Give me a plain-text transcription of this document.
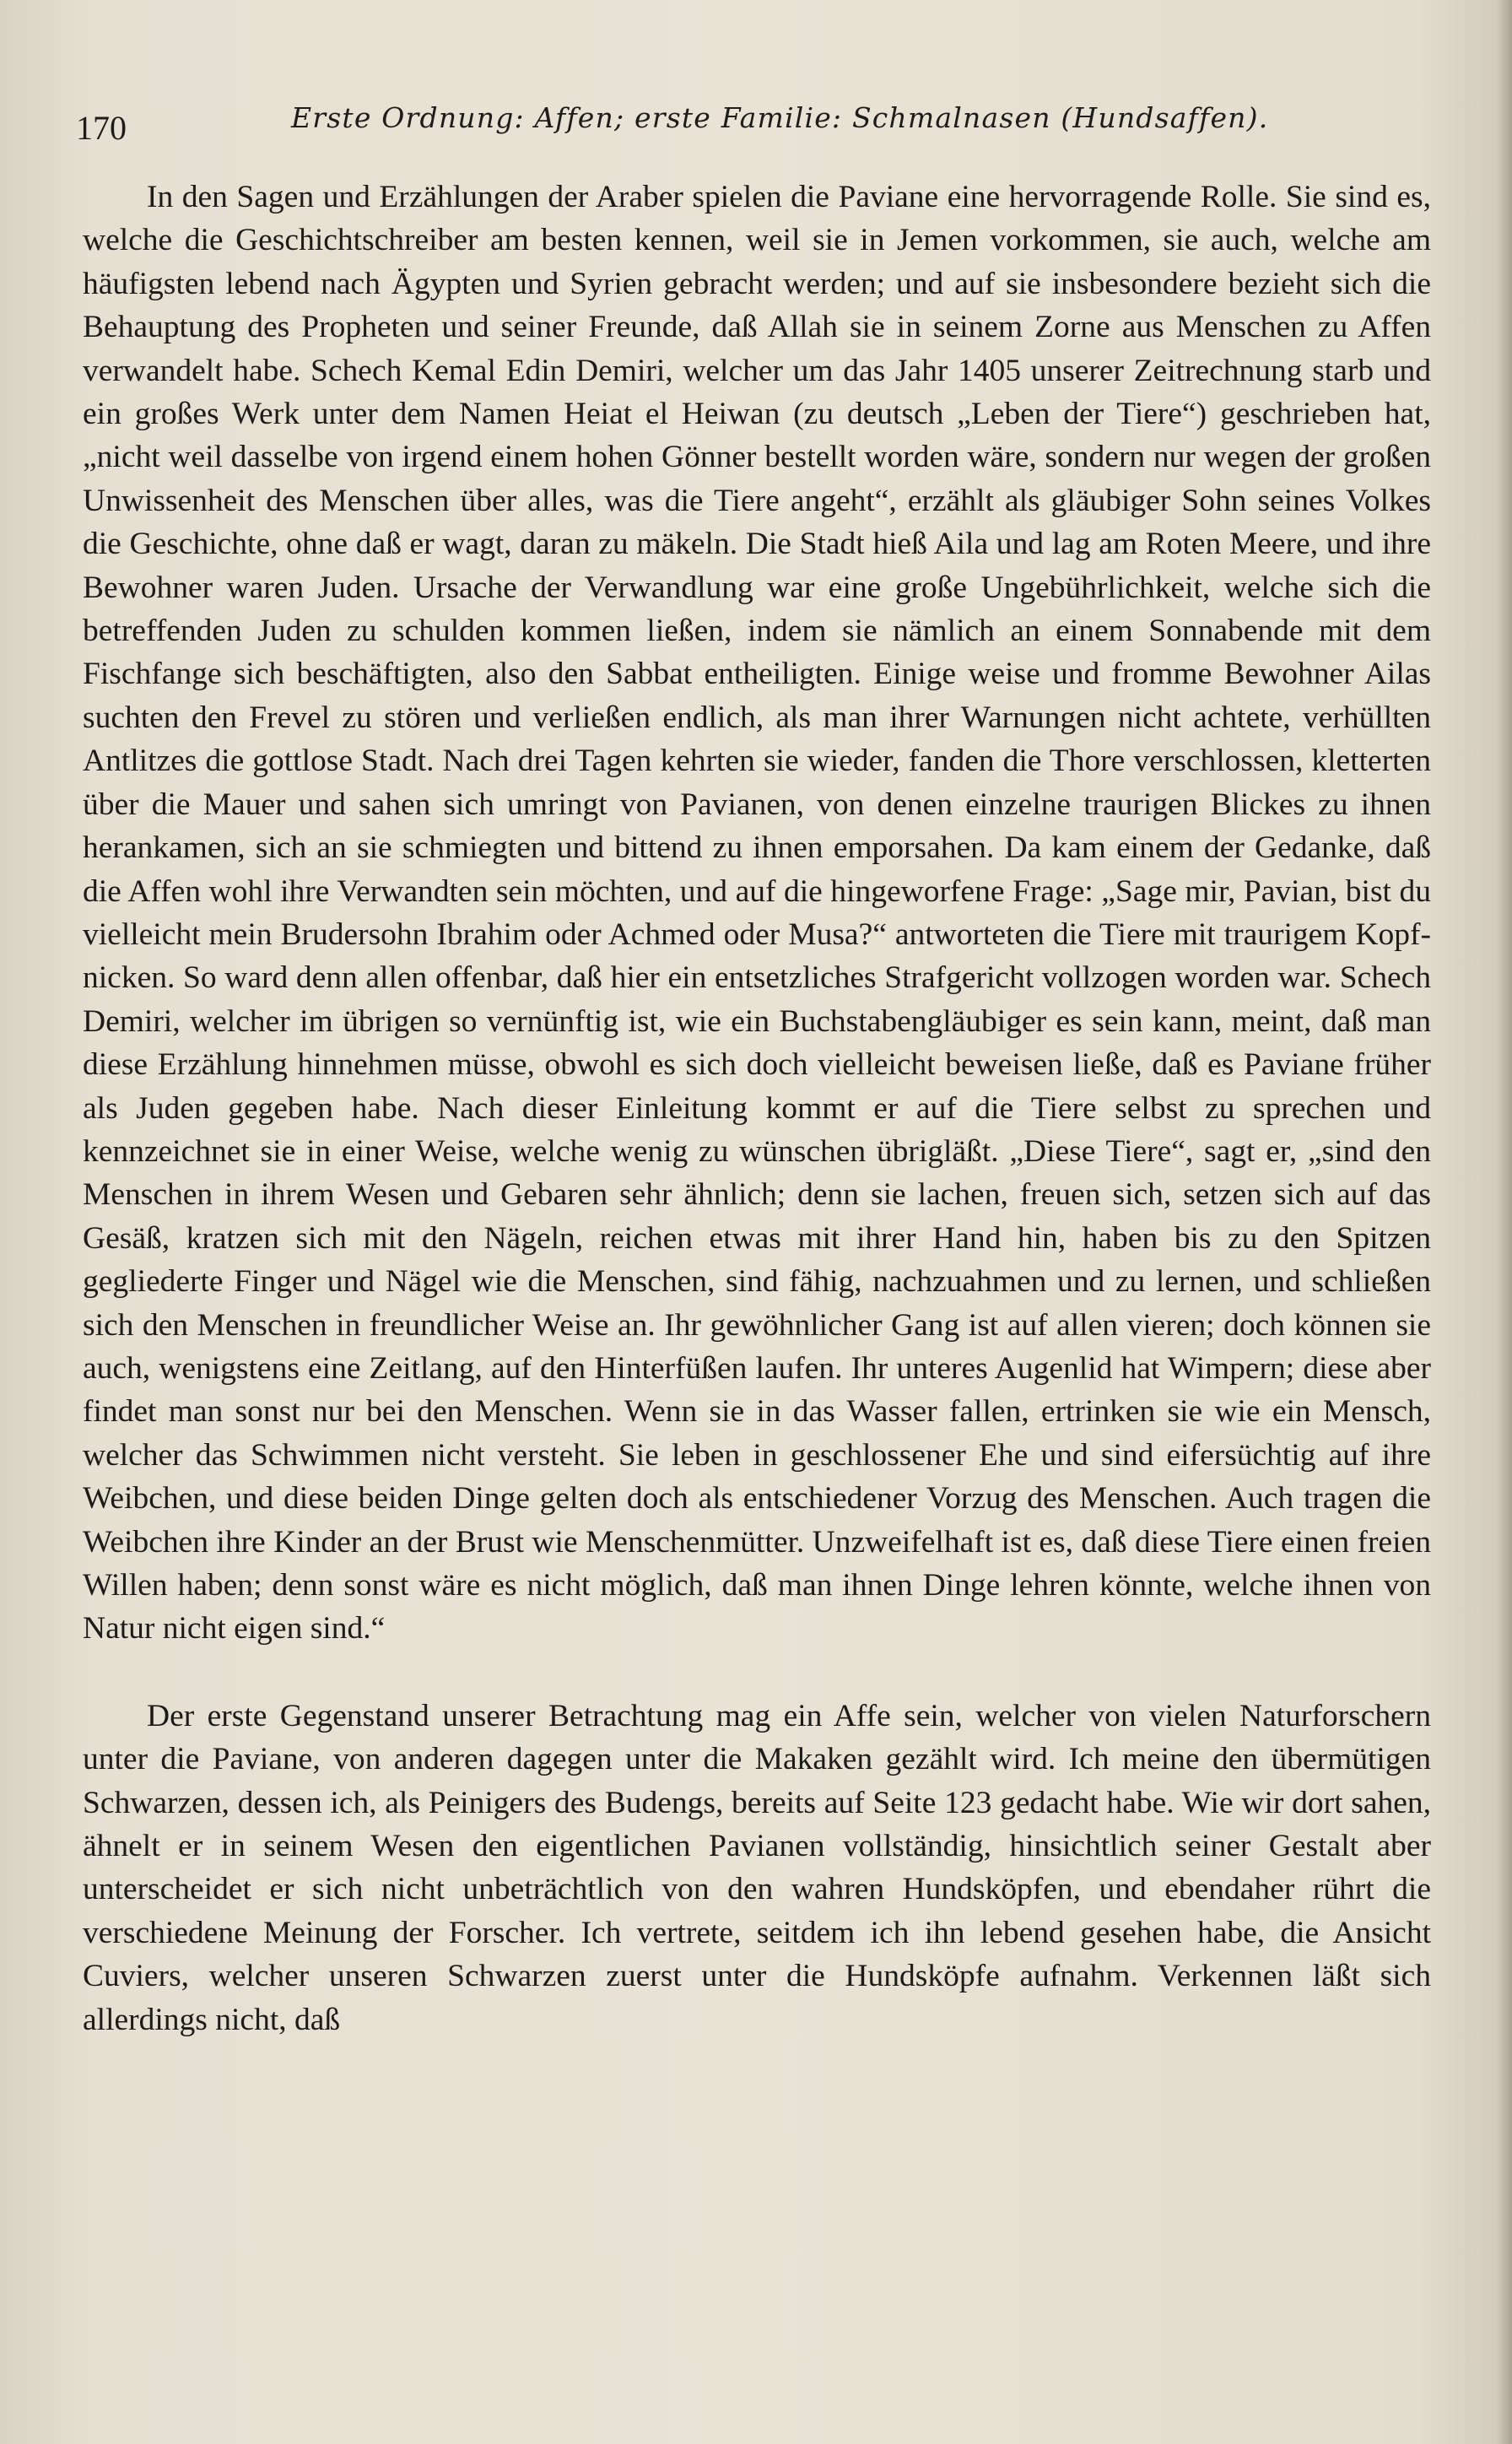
170	Erste Ordnung: Affen; erste Familie: Schmalnasen (Hundsaffen).

In den Sagen und Erzählungen der Araber spielen die Paviane eine hervorragende Rolle. Sie sind es, welche die Geschichtschreiber am besten kennen, weil sie in Jemen vorkommen, sie auch, welche am häufigsten lebend nach Ägypten und Syrien gebracht werden; und auf sie insbesondere bezieht sich die Behauptung des Propheten und seiner Freunde, daß Allah sie in seinem Zorne aus Menschen zu Affen verwandelt habe. Schech Kemal Edin Demiri, welcher um das Jahr 1405 unserer Zeitrechnung starb und ein großes Werk unter dem Namen Heiat el Heiwan (zu deutsch „Leben der Tiere“) geschrieben hat, „nicht weil dasselbe von irgend einem hohen Gönner bestellt worden wäre, sondern nur wegen der großen Unwissenheit des Menschen über alles, was die Tiere angeht“, erzählt als gläubiger Sohn seines Volkes die Geschichte, ohne daß er wagt, daran zu mäkeln. Die Stadt hieß Aila und lag am Roten Meere, und ihre Bewohner waren Juden. Ursache der Verwandlung war eine große Ungebührlichkeit, welche sich die betreffenden Juden zu schulden kommen ließen, indem sie nämlich an einem Sonnabende mit dem Fischfange sich beschäftigten, also den Sabbat entheiligten. Einige weise und fromme Bewohner Ailas suchten den Frevel zu stören und verließen endlich, als man ihrer Warnungen nicht achtete, verhüllten Antlitzes die gottlose Stadt. Nach drei Tagen kehrten sie wieder, fanden die Thore verschlossen, kletterten über die Mauer und sahen sich umringt von Pavianen, von denen einzelne traurigen Blickes zu ihnen herankamen, sich an sie schmiegten und bittend zu ihnen emporsahen. Da kam einem der Gedanke, daß die Affen wohl ihre Verwandten sein möchten, und auf die hingeworfene Frage: „Sage mir, Pavian, bist du vielleicht mein Brudersohn Ibrahim oder Achmed oder Musa?“ antworteten die Tiere mit traurigem Kopfnicken. So ward denn allen offenbar, daß hier ein entsetzliches Strafgericht vollzogen worden war. Schech Demiri, welcher im übrigen so vernünftig ist, wie ein Buchstabengläubiger es sein kann, meint, daß man diese Erzählung hinnehmen müsse, obwohl es sich doch vielleicht beweisen ließe, daß es Paviane früher als Juden gegeben habe. Nach dieser Einleitung kommt er auf die Tiere selbst zu sprechen und kennzeichnet sie in einer Weise, welche wenig zu wünschen übrigläßt. „Diese Tiere“, sagt er, „sind den Menschen in ihrem Wesen und Gebaren sehr ähnlich; denn sie lachen, freuen sich, setzen sich auf das Gesäß, kratzen sich mit den Nägeln, reichen etwas mit ihrer Hand hin, haben bis zu den Spitzen gegliederte Finger und Nägel wie die Menschen, sind fähig, nachzuahmen und zu lernen, und schließen sich den Menschen in freundlicher Weise an. Ihr gewöhnlicher Gang ist auf allen vieren; doch können sie auch, wenigstens eine Zeitlang, auf den Hinterfüßen laufen. Ihr unteres Augenlid hat Wimpern; diese aber findet man sonst nur bei den Menschen. Wenn sie in das Wasser fallen, ertrinken sie wie ein Mensch, welcher das Schwimmen nicht versteht. Sie leben in geschlossener Ehe und sind eifersüchtig auf ihre Weibchen, und diese beiden Dinge gelten doch als entschiedener Vorzug des Menschen. Auch tragen die Weibchen ihre Kinder an der Brust wie Menschenmütter. Unzweifelhaft ist es, daß diese Tiere einen freien Willen haben; denn sonst wäre es nicht möglich, daß man ihnen Dinge lehren könnte, welche ihnen von Natur nicht eigen sind.“

Der erste Gegenstand unserer Betrachtung mag ein Affe sein, welcher von vielen Naturforschern unter die Paviane, von anderen dagegen unter die Makaken gezählt wird. Ich meine den übermütigen Schwarzen, dessen ich, als Peinigers des Budengs, bereits auf Seite 123 gedacht habe. Wie wir dort sahen, ähnelt er in seinem Wesen den eigentlichen Pavianen vollständig, hinsichtlich seiner Gestalt aber unterscheidet er sich nicht unbeträchtlich von den wahren Hundsköpfen, und ebendaher rührt die verschiedene Meinung der Forscher. Ich vertrete, seitdem ich ihn lebend gesehen habe, die Ansicht Cuviers, welcher unseren Schwarzen zuerst unter die Hundsköpfe aufnahm. Verkennen läßt sich allerdings nicht, daß
